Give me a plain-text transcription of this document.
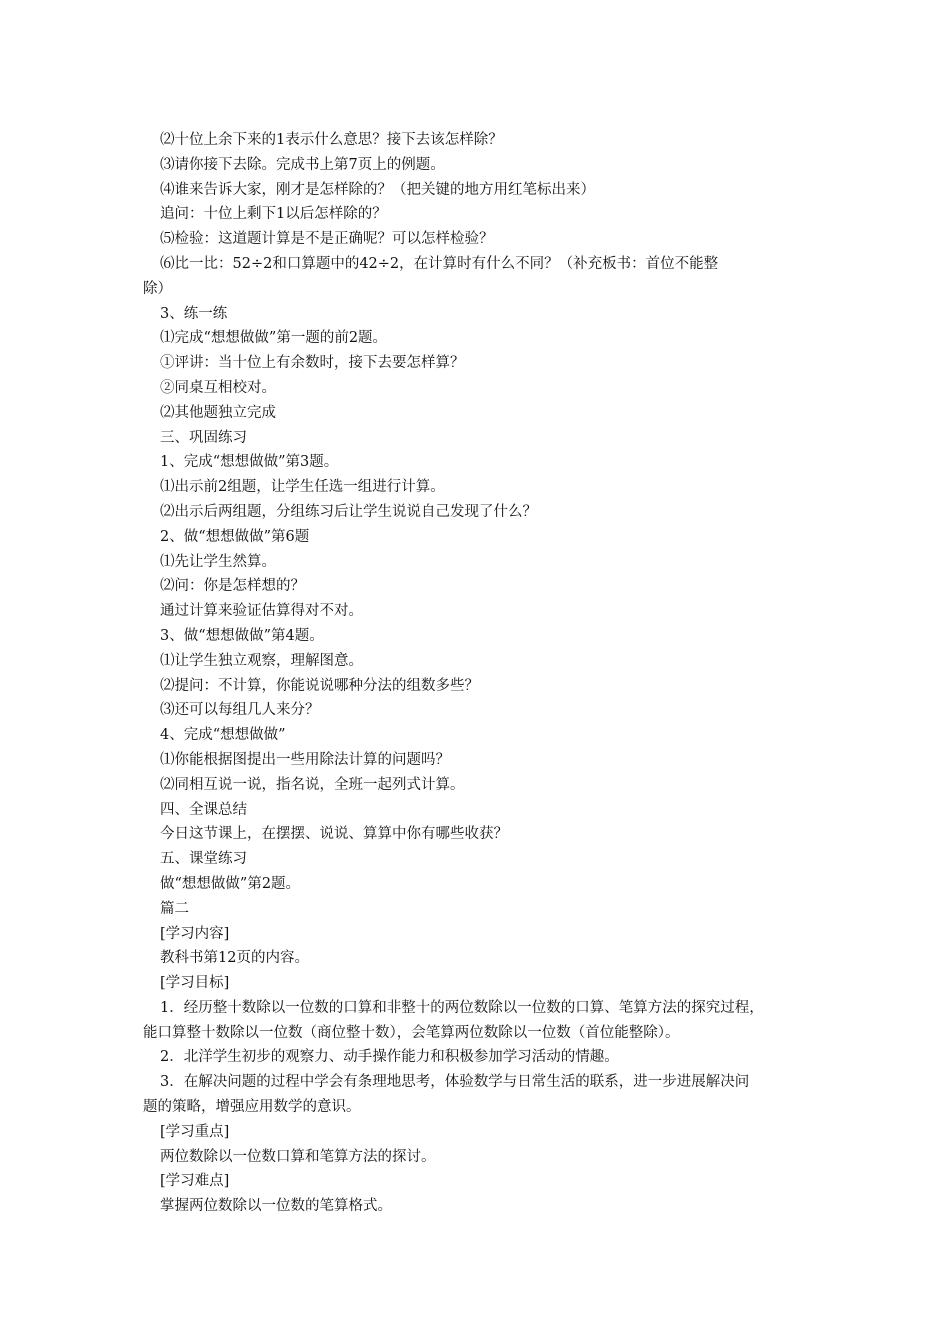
⑵十位上余下来的1表示什么意思？接下去该怎样除？
⑶请你接下去除。完成书上第7页上的例题。
⑷谁来告诉大家，刚才是怎样除的？（把关键的地方用红笔标出来）
追问：十位上剩下1以后怎样除的？
⑸检验：这道题计算是不是正确呢？可以怎样检验？
⑹比一比：52÷2和口算题中的42÷2，在计算时有什么不同？（补充板书：首位不能整
除）
3、练一练
⑴完成“想想做做”第一题的前2题。
①评讲：当十位上有余数时，接下去要怎样算？
②同桌互相校对。
⑵其他题独立完成
三、巩固练习
1、完成“想想做做”第3题。
⑴出示前2组题，让学生任选一组进行计算。
⑵出示后两组题，分组练习后让学生说说自己发现了什么？
2、做“想想做做”第6题
⑴先让学生然算。
⑵问：你是怎样想的？
通过计算来验证估算得对不对。
3、做“想想做做”第4题。
⑴让学生独立观察，理解图意。
⑵提问：不计算，你能说说哪种分法的组数多些？
⑶还可以每组几人来分？
4、完成“想想做做”
⑴你能根据图提出一些用除法计算的问题吗？
⑵同相互说一说，指名说，全班一起列式计算。
四、全课总结
今日这节课上，在摆摆、说说、算算中你有哪些收获？
五、课堂练习
做“想想做做”第2题。
篇二
[学习内容]
教科书第12页的内容。
[学习目标]
1．经历整十数除以一位数的口算和非整十的两位数除以一位数的口算、笔算方法的探究过程，
能口算整十数除以一位数（商位整十数），会笔算两位数除以一位数（首位能整除）。
2．北洋学生初步的观察力、动手操作能力和积极参加学习活动的情趣。
3．在解决问题的过程中学会有条理地思考，体验数学与日常生活的联系，进一步进展解决问
题的策略，增强应用数学的意识。
[学习重点]
两位数除以一位数口算和笔算方法的探讨。
[学习难点]
掌握两位数除以一位数的笔算格式。
